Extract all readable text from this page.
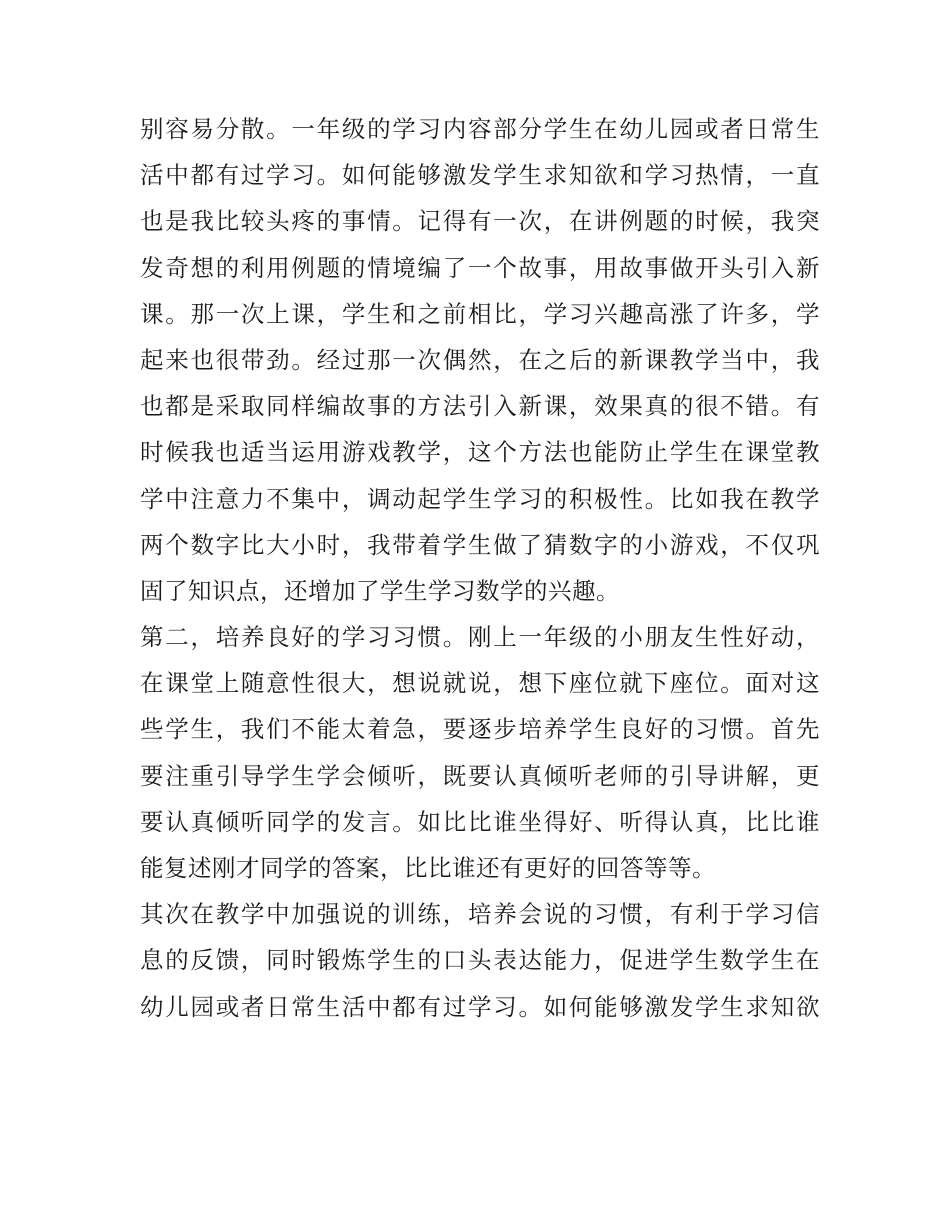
别容易分散。一年级的学习内容部分学生在幼儿园或者日常生
活中都有过学习。如何能够激发学生求知欲和学习热情，一直
也是我比较头疼的事情。记得有一次，在讲例题的时候，我突
发奇想的利用例题的情境编了一个故事，用故事做开头引入新
课。那一次上课，学生和之前相比，学习兴趣高涨了许多，学
起来也很带劲。经过那一次偶然，在之后的新课教学当中，我
也都是采取同样编故事的方法引入新课，效果真的很不错。有
时候我也适当运用游戏教学，这个方法也能防止学生在课堂教
学中注意力不集中，调动起学生学习的积极性。比如我在教学
两个数字比大小时，我带着学生做了猜数字的小游戏，不仅巩
固了知识点，还增加了学生学习数学的兴趣。
第二，培养良好的学习习惯。刚上一年级的小朋友生性好动，
在课堂上随意性很大，想说就说，想下座位就下座位。面对这
些学生，我们不能太着急，要逐步培养学生良好的习惯。首先
要注重引导学生学会倾听，既要认真倾听老师的引导讲解，更
要认真倾听同学的发言。如比比谁坐得好、听得认真，比比谁
能复述刚才同学的答案，比比谁还有更好的回答等等。
其次在教学中加强说的训练，培养会说的习惯，有利于学习信
息的反馈，同时锻炼学生的口头表达能力，促进学生数学生在
幼儿园或者日常生活中都有过学习。如何能够激发学生求知欲
